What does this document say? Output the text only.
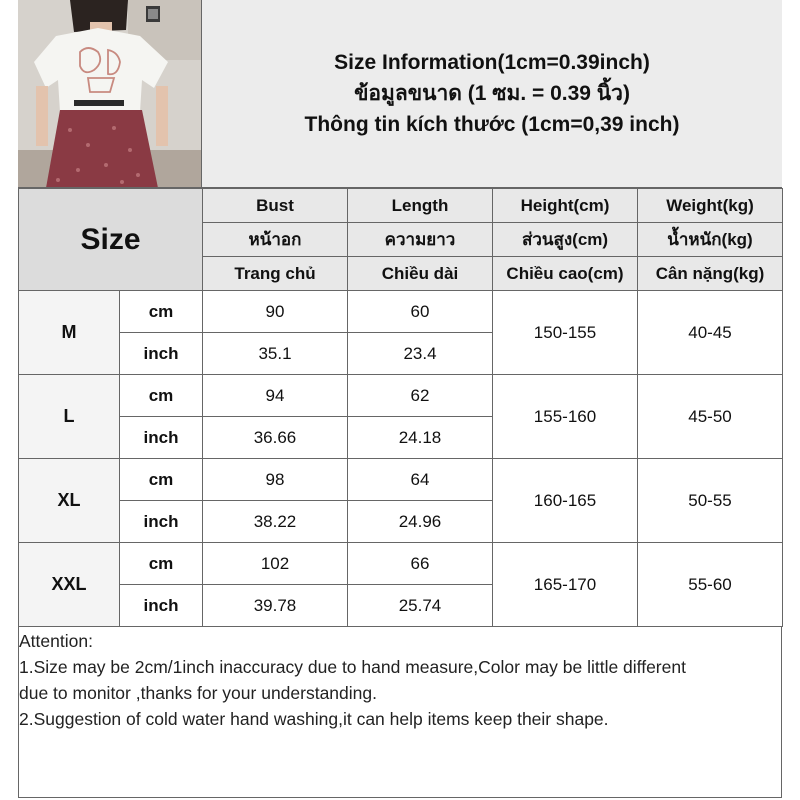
Size Information(1cm=0.39inch)
ข้อมูลขนาด (1 ซม. = 0.39 นิ้ว)
Thông tin kích thước (1cm=0,39 inch)
Size		Bust	Length	Height(cm)	Weight(kg)
		หน้าอก	ความยาว	ส่วนสูง(cm)	น้ำหนัก(kg)
		Trang chủ	Chiều dài	Chiều cao(cm)	Cân nặng(kg)
M	cm	90	60	150-155	40-45
	inch	35.1	23.4		
L	cm	94	62	155-160	45-50
	inch	36.66	24.18		
XL	cm	98	64	160-165	50-55
	inch	38.22	24.96		
XXL	cm	102	66	165-170	55-60
	inch	39.78	25.74		
Attention:
1.Size may be 2cm/1inch inaccuracy due to hand measure,Color may be little different
due to monitor ,thanks for your understanding.
2.Suggestion of cold water hand washing,it can help items keep their shape.
